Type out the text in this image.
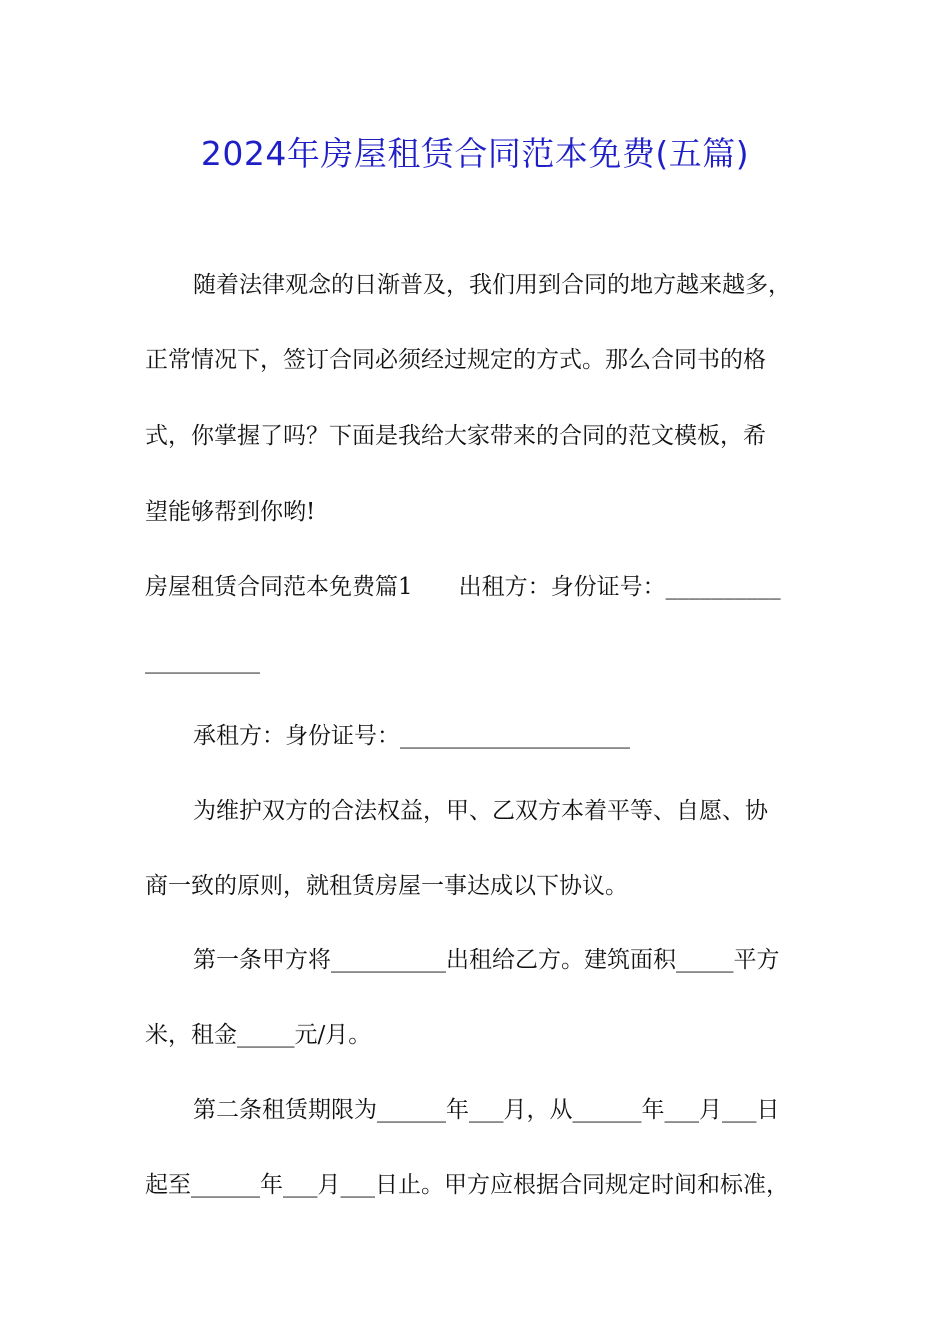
2024年房屋租赁合同范本免费(五篇)

随着法律观念的日渐普及，我们用到合同的地方越来越多，

正常情况下，签订合同必须经过规定的方式。那么合同书的格

式，你掌握了吗？下面是我给大家带来的合同的范文模板，希

望能够帮到你哟!

房屋租赁合同范本免费篇1　　出租方：身份证号：__________

__________

承租方：身份证号：____________________

为维护双方的合法权益，甲、乙双方本着平等、自愿、协

商一致的原则，就租赁房屋一事达成以下协议。

第一条甲方将__________出租给乙方。建筑面积_____平方

米，租金_____元/月。

第二条租赁期限为______年___月，从______年___月___日

起至______年___月___日止。甲方应根据合同规定时间和标准，
